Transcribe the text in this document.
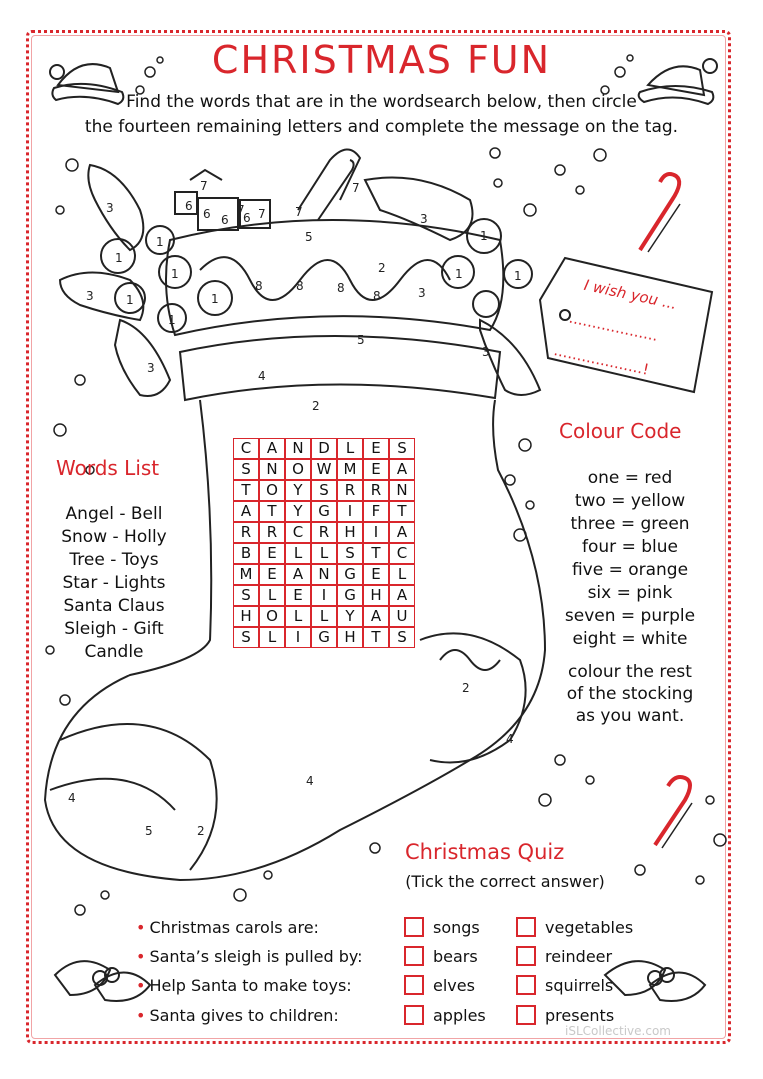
CHRISTMAS FUN
Find the words that are in the wordsearch below, then circle
the fourteen remaining letters and complete the message on the tag.
3
1
1
1
1
1
1
3
3
6
6 6 6 7
7
7	7
7
5
8	8	8
8
2
5
4
2
3
1
1	1
3
3
4
5	2
4
2
4
I wish you ...
...................
...................!
Words List
Angel - Bell
Snow - Holly
Tree - Toys
Star - Lights
Santa Claus
Sleigh - Gift
Candle
C	A	N	D	L	E	S
S	N	O	W	M	E	A
T	O	Y	S	R	R	N
A	T	Y	G	I	F	T
R	R	C	R	H	I	A
B	E	L	L	S	T	C
M	E	A	N	G	E	L
S	L	E	I	G	H	A
H	O	L	L	Y	A	U
S	L	I	G	H	T	S
Colour Code
one = red
two = yellow
three = green
four = blue
five = orange
six = pink
seven = purple
eight = white
colour the rest
of the stocking
as you want.
Christmas Quiz
(Tick the correct answer)
• Christmas carols are:	songs	vegetables
• Santa’s sleigh is pulled by:	bears	reindeer
• Help Santa to make toys:	elves	squirrels
• Santa gives to children:	apples	presents
iSLCollective.com
